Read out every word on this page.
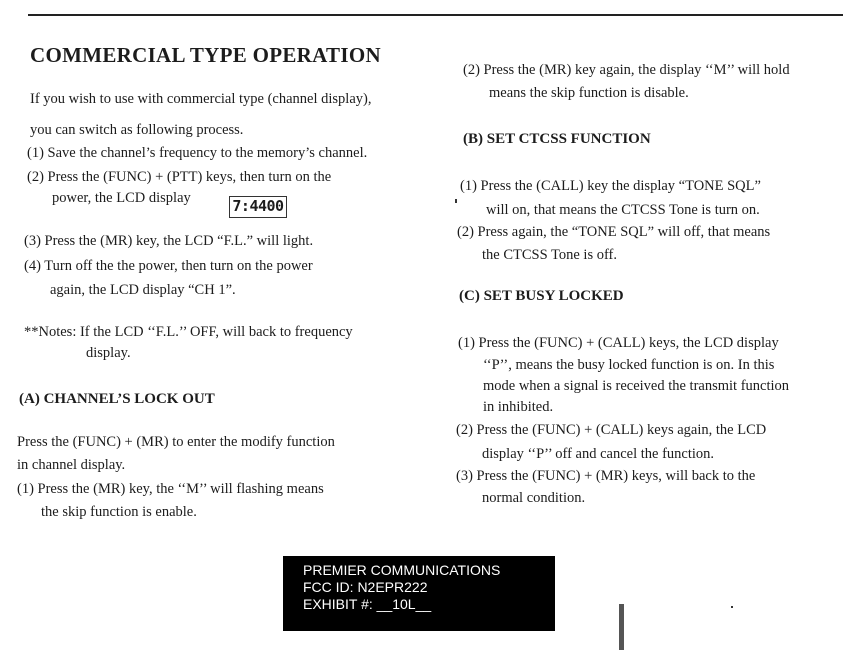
COMMERCIAL TYPE OPERATION
If you wish to use with commercial type (channel display),
you can switch as following process.
(1) Save the channel’s frequency to the memory’s channel.
(2) Press the (FUNC) + (PTT) keys, then turn on the
power, the LCD display	7:4400
(3) Press the (MR) key, the LCD “F.L.” will light.
(4) Turn off the the power, then turn on the power
again, the LCD display “CH 1”.
**Notes: If the LCD ‘‘F.L.’’ OFF, will back to frequency
display.
(A) CHANNEL’S LOCK OUT
Press the (FUNC) + (MR) to enter the modify function
in channel display.
(1) Press the (MR) key, the ‘‘M’’ will flashing means
the skip function is enable.
(2) Press the (MR) key again, the display ‘‘M’’ will hold
means the skip function is disable.
(B) SET CTCSS FUNCTION
(1) Press the (CALL) key the display “TONE SQL”
will on, that means the CTCSS Tone is turn on.
(2) Press again, the “TONE SQL” will off, that means
the CTCSS Tone is off.
(C) SET BUSY LOCKED
(1) Press the (FUNC) + (CALL) keys, the LCD display
‘‘P’’, means the busy locked function is on. In this
mode when a signal is received the transmit function
in inhibited.
(2) Press the (FUNC) + (CALL) keys again, the LCD
display ‘‘P’’ off and cancel the function.
(3) Press the (FUNC) + (MR) keys, will back to the
normal condition.
PREMIER COMMUNICATIONS
FCC ID: N2EPR222
EXHIBIT #: __10L__
